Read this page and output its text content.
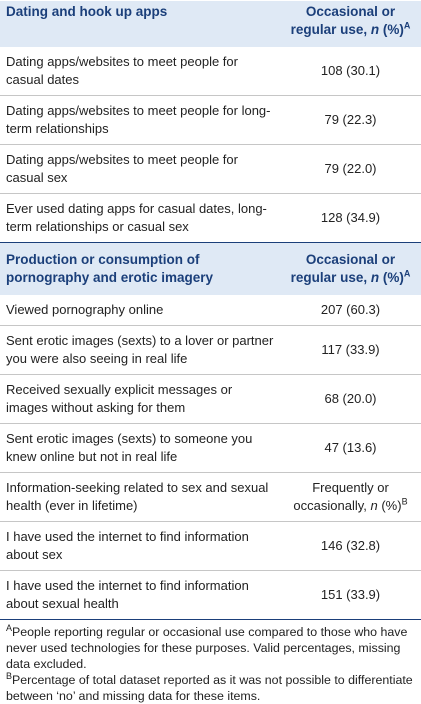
Dating and hook up apps	Occasional or
regular use, n (%)$^A$
Dating apps/websites to meet people for casual dates	108 (30.1)
Dating apps/websites to meet people for long-term relationships	79 (22.3)
Dating apps/websites to meet people for casual sex	79 (22.0)
Ever used dating apps for casual dates, long-term relationships or casual sex	128 (34.9)
Production or consumption of pornography and erotic imagery	Occasional or
regular use, n (%)$^A$
Viewed pornography online	207 (60.3)
Sent erotic images (sexts) to a lover or partner you were also seeing in real life	117 (33.9)
Received sexually explicit messages or images without asking for them	68 (20.0)
Sent erotic images (sexts) to someone you knew online but not in real life	47 (13.6)
Information-seeking related to sex and sexual health (ever in lifetime)	Frequently or
occasionally, n (%)$^B$
I have used the internet to find information about sex	146 (32.8)
I have used the internet to find information about sexual health	151 (33.9)

$^A$People reporting regular or occasional use compared to those who have never used technologies for these purposes. Valid percentages, missing data excluded.

$^B$Percentage of total dataset reported as it was not possible to differentiate between ‘no’ and missing data for these items.
